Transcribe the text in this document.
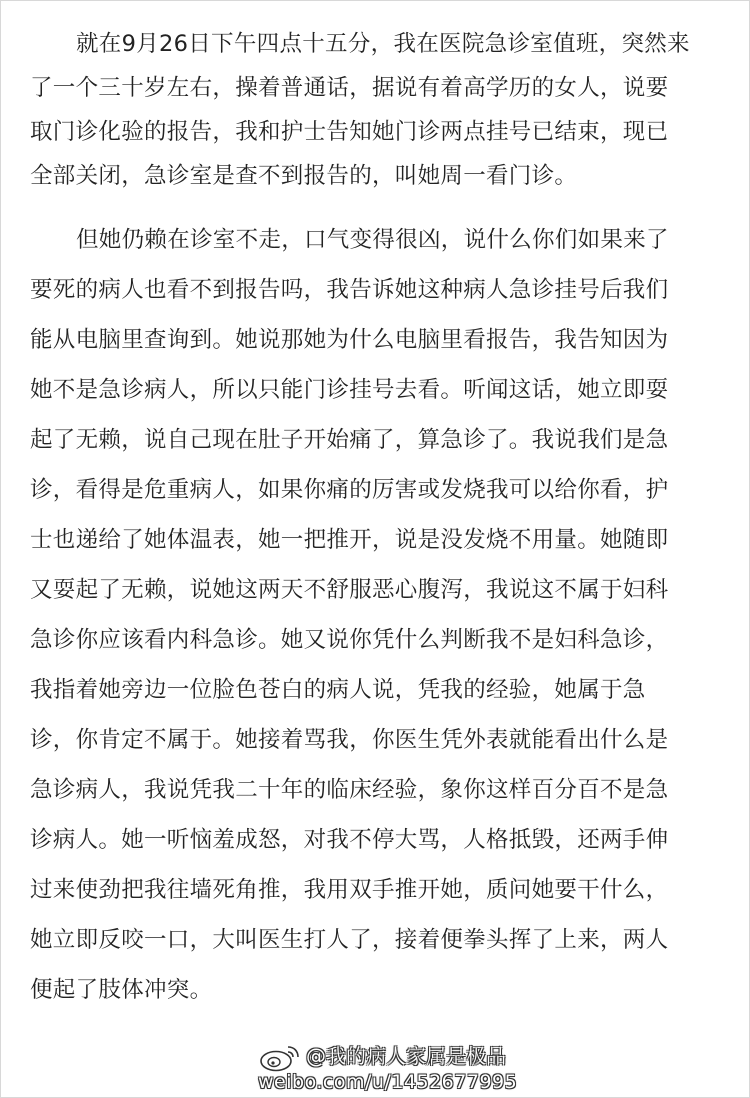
就在9月26日下午四点十五分，我在医院急诊室值班，突然来
了一个三十岁左右，操着普通话，据说有着高学历的女人，说要
取门诊化验的报告，我和护士告知她门诊两点挂号已结束，现已
全部关闭，急诊室是查不到报告的，叫她周一看门诊。
但她仍赖在诊室不走，口气变得很凶，说什么你们如果来了
要死的病人也看不到报告吗，我告诉她这种病人急诊挂号后我们
能从电脑里查询到。她说那她为什么电脑里看报告，我告知因为
她不是急诊病人，所以只能门诊挂号去看。听闻这话，她立即耍
起了无赖，说自己现在肚子开始痛了，算急诊了。我说我们是急
诊，看得是危重病人，如果你痛的厉害或发烧我可以给你看，护
士也递给了她体温表，她一把推开，说是没发烧不用量。她随即
又耍起了无赖，说她这两天不舒服恶心腹泻，我说这不属于妇科
急诊你应该看内科急诊。她又说你凭什么判断我不是妇科急诊，
我指着她旁边一位脸色苍白的病人说，凭我的经验，她属于急
诊，你肯定不属于。她接着骂我，你医生凭外表就能看出什么是
急诊病人，我说凭我二十年的临床经验，象你这样百分百不是急
诊病人。她一听恼羞成怒，对我不停大骂，人格抵毁，还两手伸
过来使劲把我往墙死角推，我用双手推开她，质问她要干什么，
她立即反咬一口，大叫医生打人了，接着便拳头挥了上来，两人
便起了肢体冲突。
@我的病人家属是极品
weibo.com/u/1452677995
